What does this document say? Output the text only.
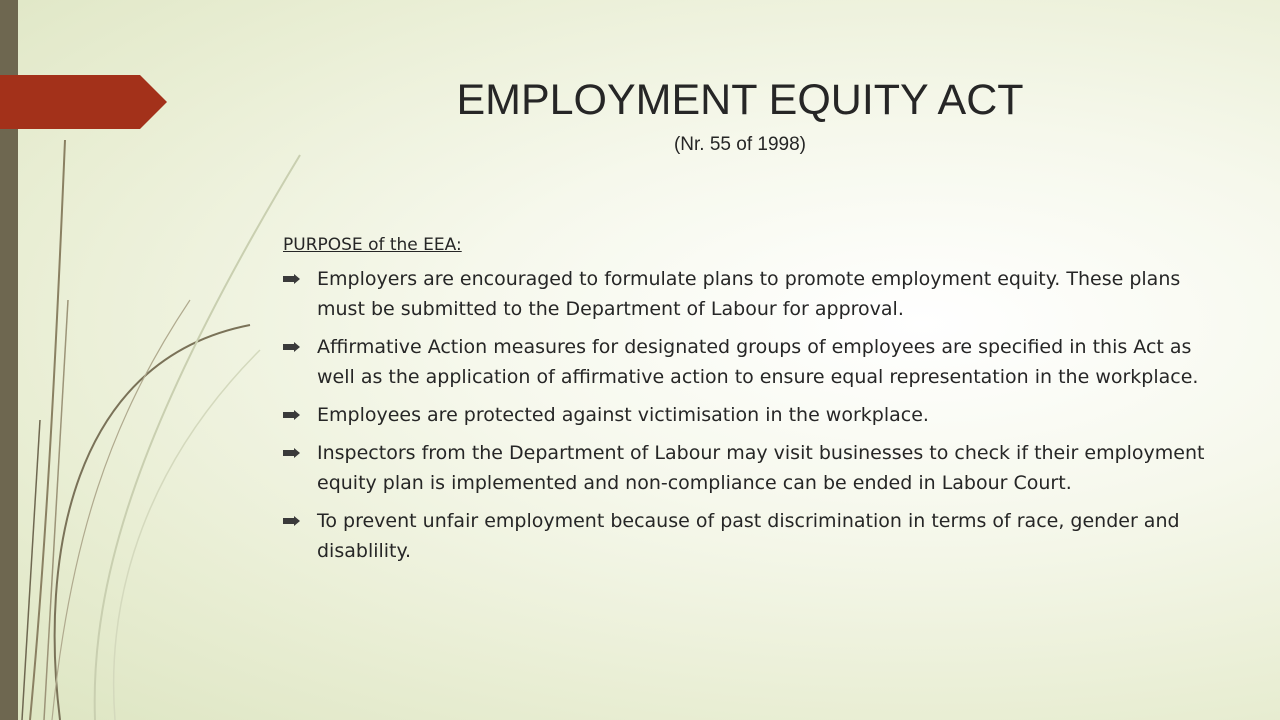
EMPLOYMENT EQUITY ACT
(Nr. 55 of 1998)
PURPOSE of the EEA:
Employers are encouraged to formulate plans to promote employment equity. These plans must be submitted to the Department of Labour for approval.
Affirmative Action measures for designated groups of employees are specified in this Act as well as the application of affirmative action to ensure equal representation in the workplace.
Employees are protected against victimisation in the workplace.
Inspectors from the Department of Labour may visit businesses to check if their employment equity plan is implemented and non-compliance can be ended in Labour Court.
To prevent unfair employment because of past discrimination in terms of race, gender and disablility.
